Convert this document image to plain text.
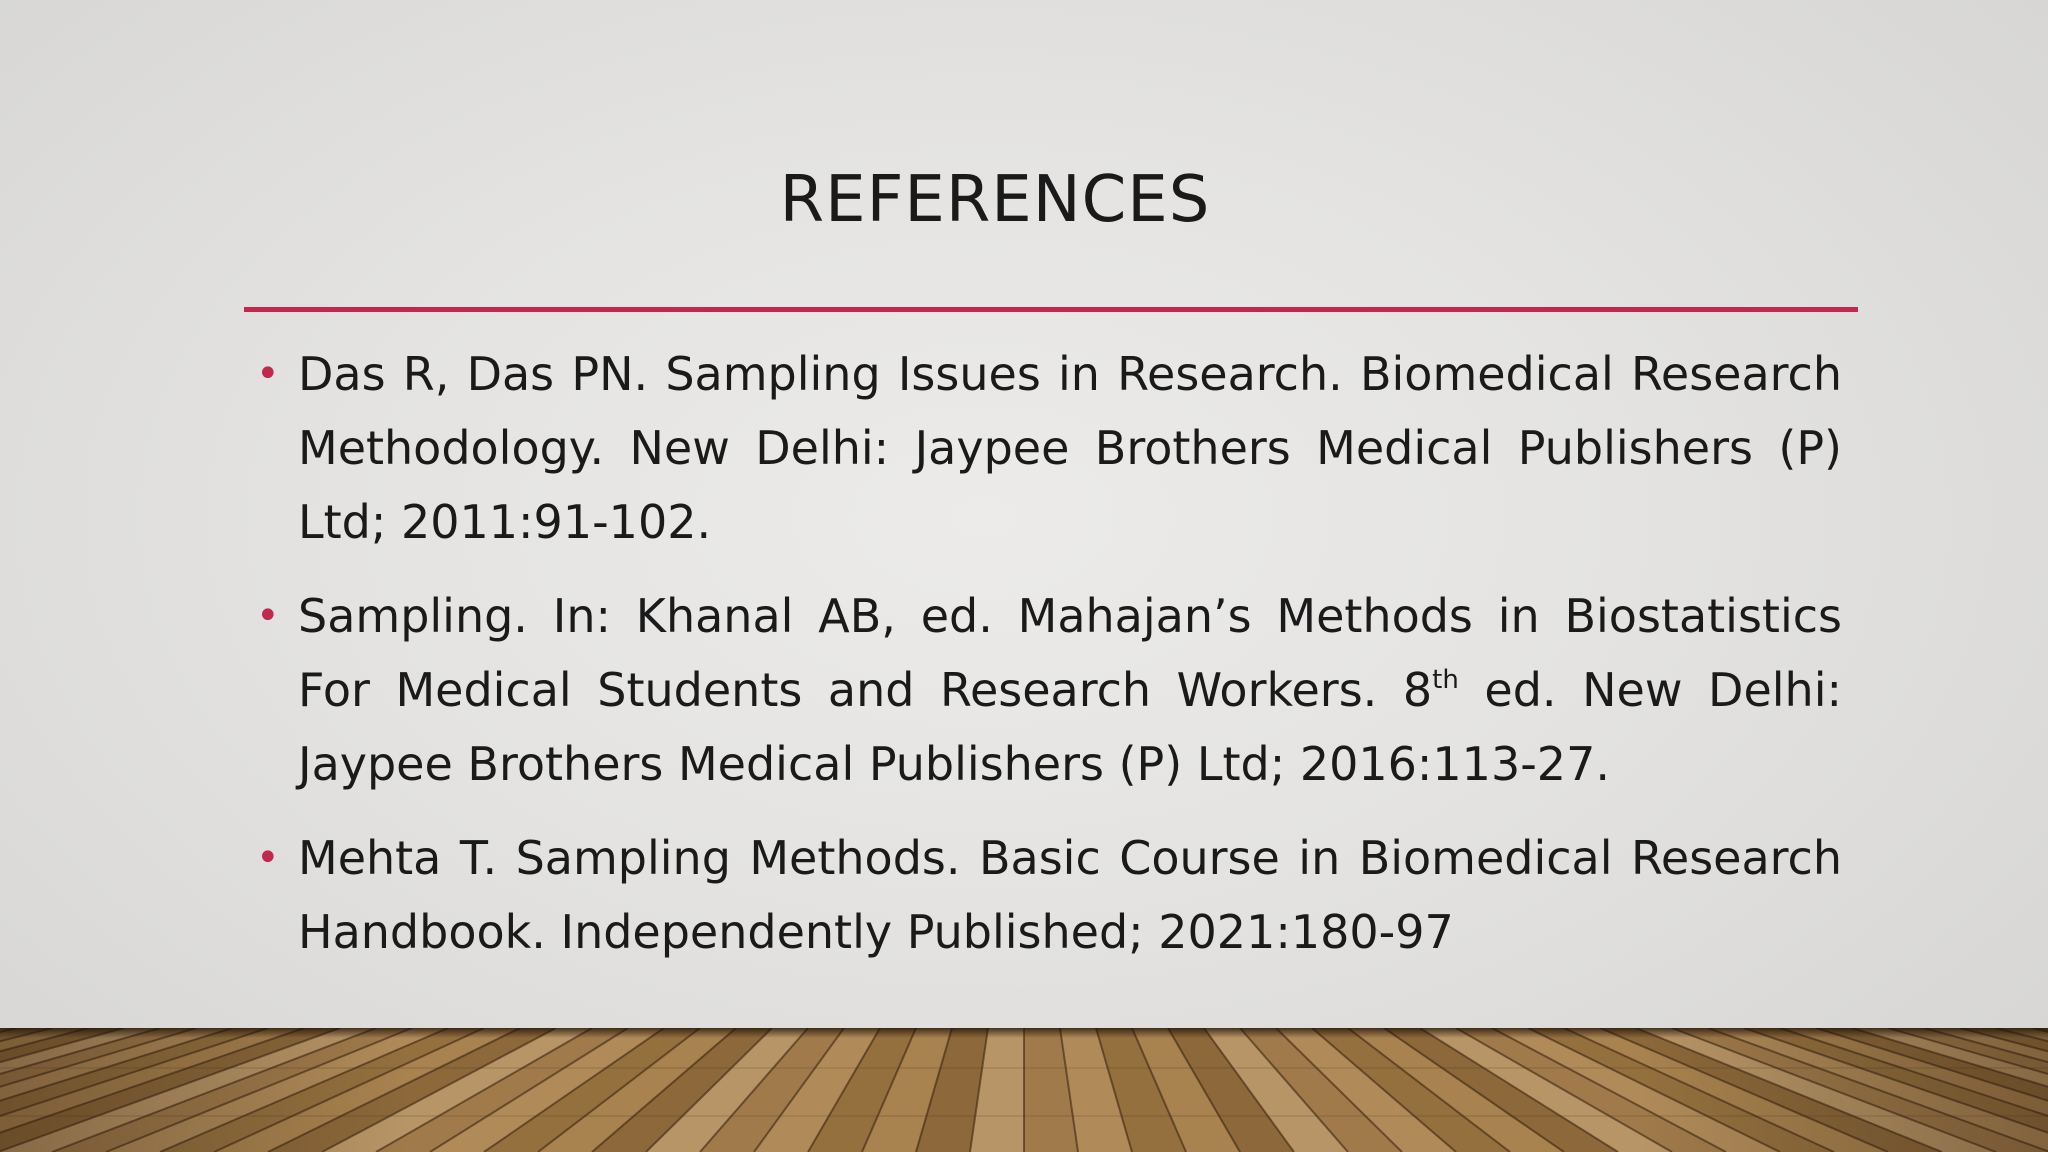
REFERENCES
• Das R, Das PN. Sampling Issues in Research. Biomedical Research Methodology. New Delhi: Jaypee Brothers Medical Publishers (P) Ltd; 2011:91-102.
• Sampling. In: Khanal AB, ed. Mahajan’s Methods in Biostatistics For Medical Students and Research Workers. 8th ed. New Delhi: Jaypee Brothers Medical Publishers (P) Ltd; 2016:113-27.
• Mehta T. Sampling Methods. Basic Course in Biomedical Research Handbook. Independently Published; 2021:180-97
